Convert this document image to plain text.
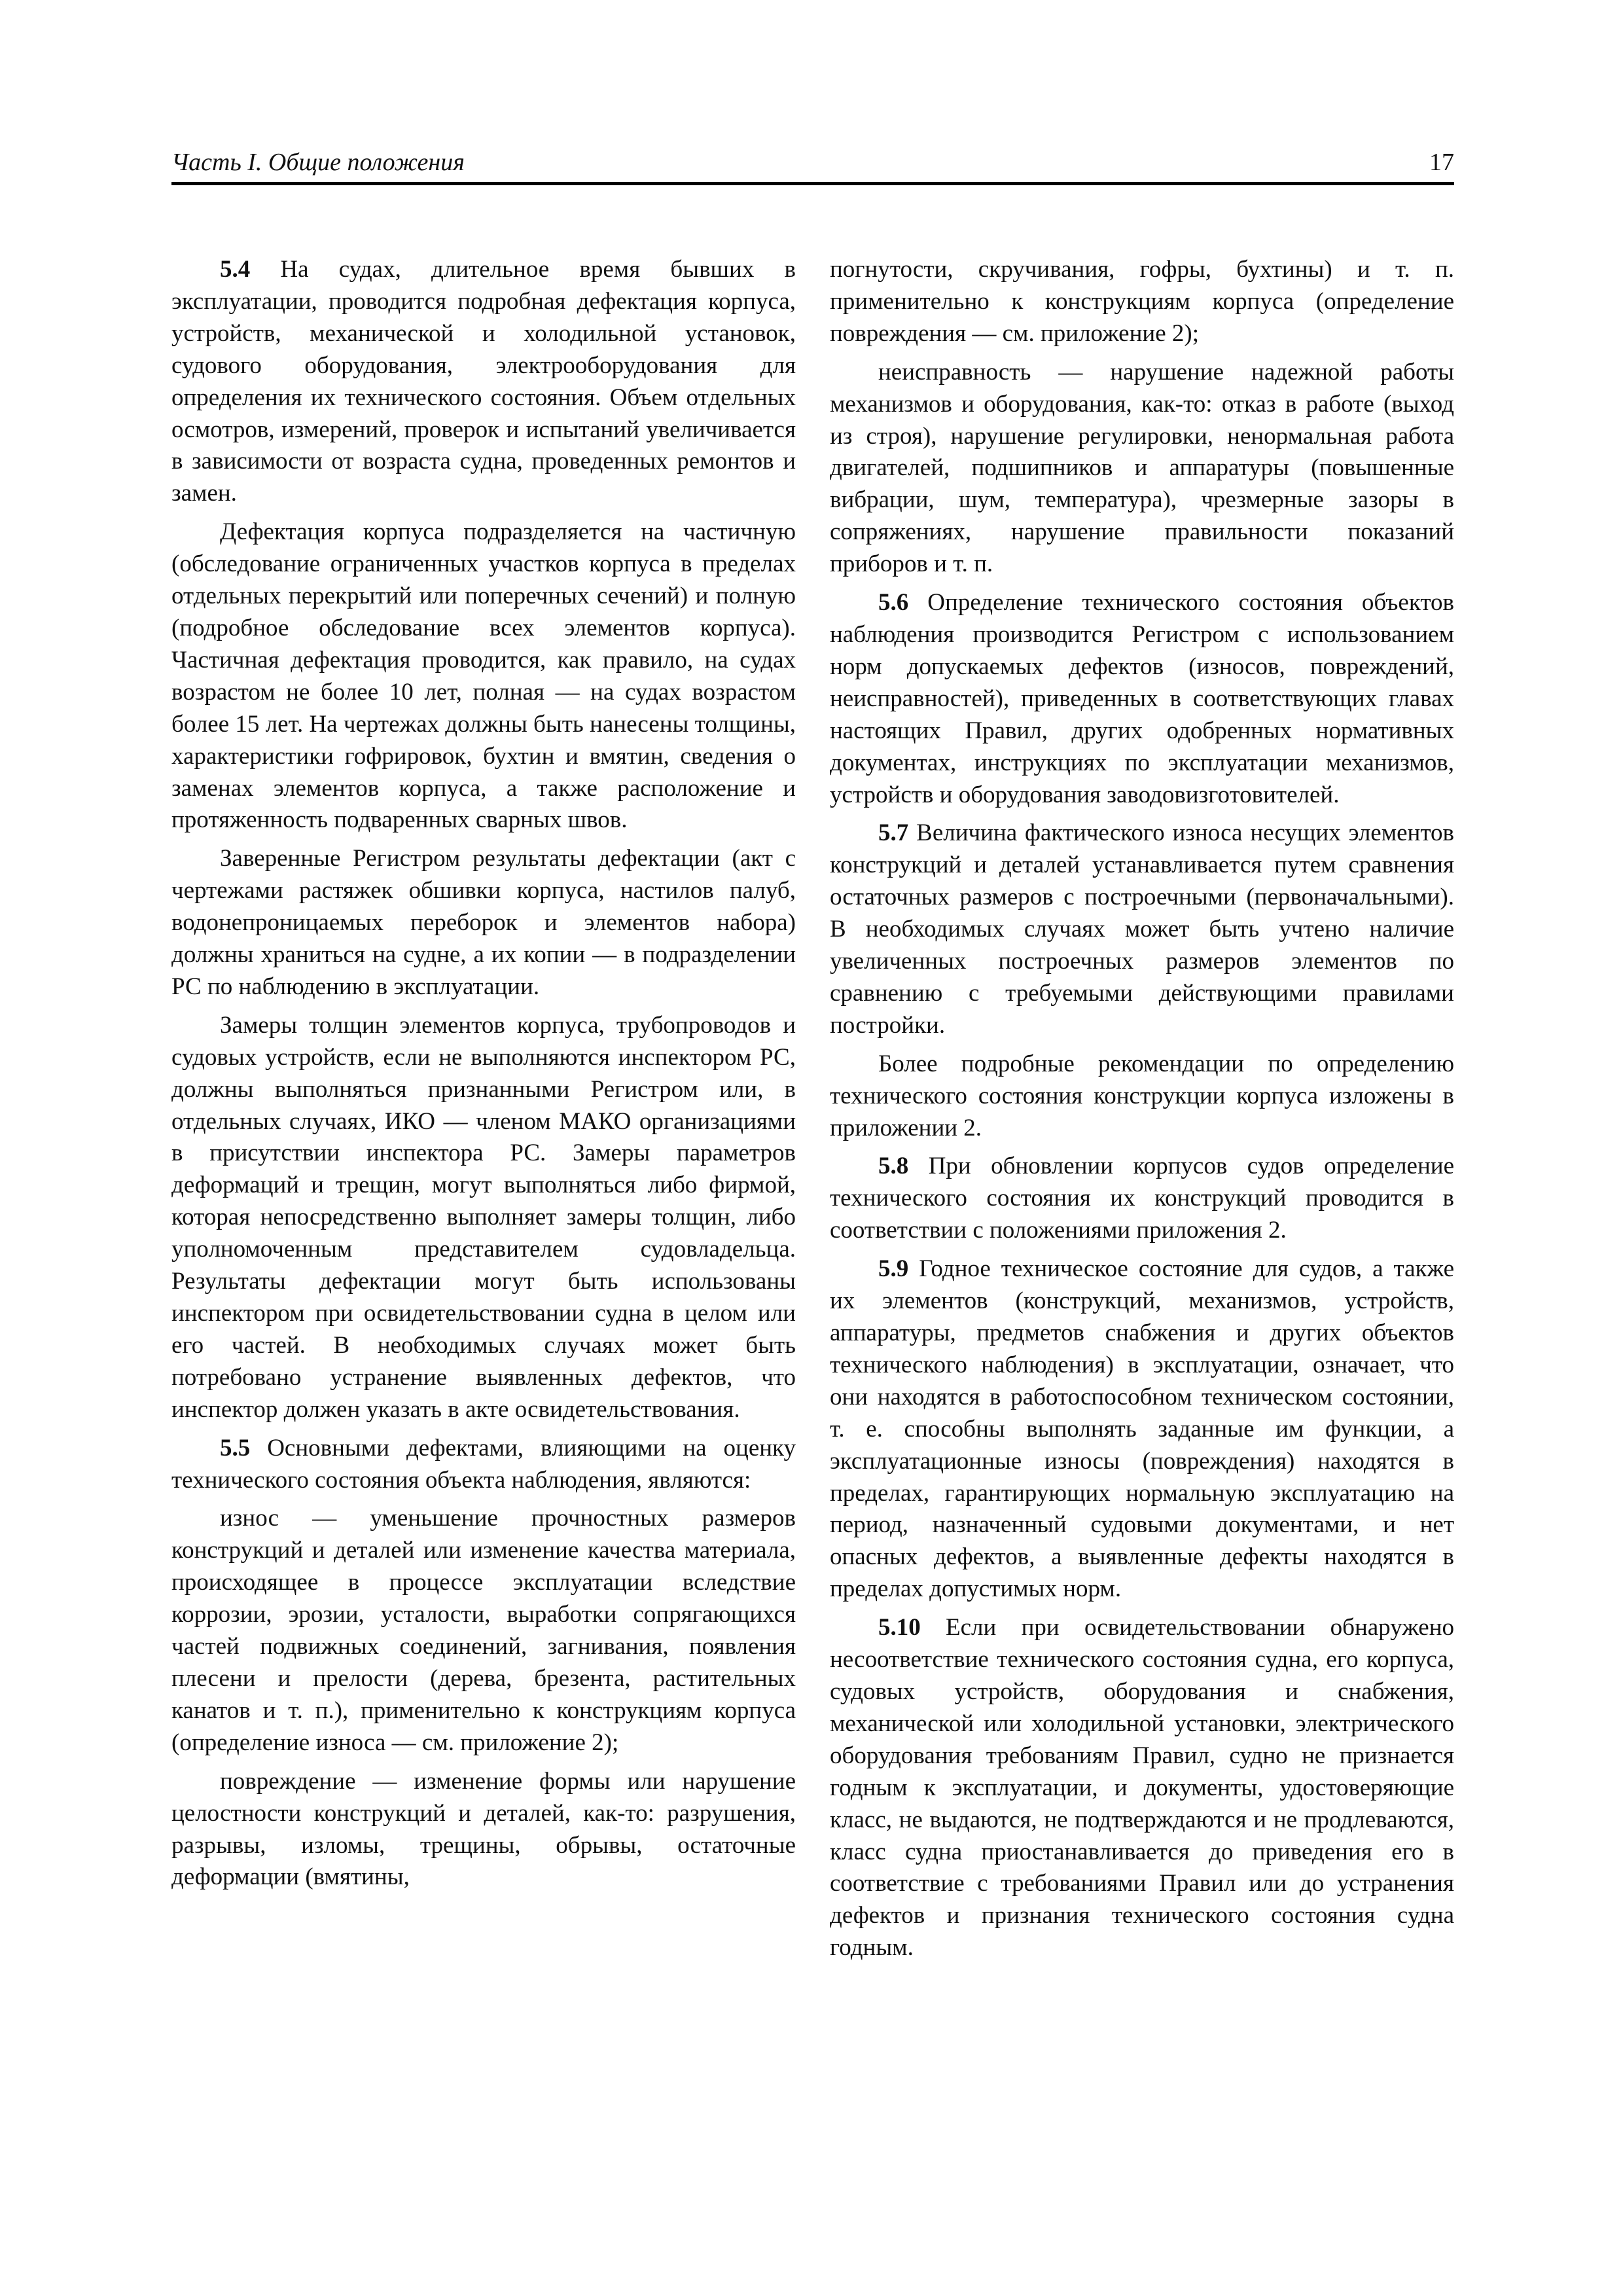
Часть I. Общие положения	17

5.4 На судах, длительное время бывших в эксплуатации, проводится подробная дефектация корпуса, устройств, механической и холодильной установок, судового оборудования, электрооборудования для определения их технического состояния. Объем отдельных осмотров, измерений, проверок и испытаний увеличивается в зависимости от возраста судна, проведенных ремонтов и замен.

Дефектация корпуса подразделяется на частичную (обследование ограниченных участков корпуса в пределах отдельных перекрытий или поперечных сечений) и полную (подробное обследование всех элементов корпуса). Частичная дефектация проводится, как правило, на судах возрастом не более 10 лет, полная — на судах возрастом более 15 лет. На чертежах должны быть нанесены толщины, характеристики гофрировок, бухтин и вмятин, сведения о заменах элементов корпуса, а также расположение и протяженность подваренных сварных швов.

Заверенные Регистром результаты дефектации (акт с чертежами растяжек обшивки корпуса, настилов палуб, водонепроницаемых переборок и элементов набора) должны храниться на судне, а их копии — в подразделении РС по наблюдению в эксплуатации.

Замеры толщин элементов корпуса, трубопроводов и судовых устройств, если не выполняются инспектором РС, должны выполняться признанными Регистром или, в отдельных случаях, ИКО — членом МАКО организациями в присутствии инспектора РС. Замеры параметров деформаций и трещин, могут выполняться либо фирмой, которая непосредственно выполняет замеры толщин, либо уполномоченным представителем судовладельца. Результаты дефектации могут быть использованы инспектором при освидетельствовании судна в целом или его частей. В необходимых случаях может быть потребовано устранение выявленных дефектов, что инспектор должен указать в акте освидетельствования.

5.5 Основными дефектами, влияющими на оценку технического состояния объекта наблюдения, являются:

износ — уменьшение прочностных размеров конструкций и деталей или изменение качества материала, происходящее в процессе эксплуатации вследствие коррозии, эрозии, усталости, выработки сопрягающихся частей подвижных соединений, загнивания, появления плесени и прелости (дерева, брезента, растительных канатов и т. п.), применительно к конструкциям корпуса (определение износа — см. приложение 2);

повреждение — изменение формы или нарушение целостности конструкций и деталей, как-то: разрушения, разрывы, изломы, трещины, обрывы, остаточные деформации (вмятины,

погнутости, скручивания, гофры, бухтины) и т. п. применительно к конструкциям корпуса (определение повреждения — см. приложение 2);

неисправность — нарушение надежной работы механизмов и оборудования, как-то: отказ в работе (выход из строя), нарушение регулировки, ненормальная работа двигателей, подшипников и аппаратуры (повышенные вибрации, шум, температура), чрезмерные зазоры в сопряжениях, нарушение правильности показаний приборов и т. п.

5.6 Определение технического состояния объектов наблюдения производится Регистром с использованием норм допускаемых дефектов (износов, повреждений, неисправностей), приведенных в соответствующих главах настоящих Правил, других одобренных нормативных документах, инструкциях по эксплуатации механизмов, устройств и оборудования заводовизготовителей.

5.7 Величина фактического износа несущих элементов конструкций и деталей устанавливается путем сравнения остаточных размеров с построечными (первоначальными). В необходимых случаях может быть учтено наличие увеличенных построечных размеров элементов по сравнению с требуемыми действующими правилами постройки.

Более подробные рекомендации по определению технического состояния конструкции корпуса изложены в приложении 2.

5.8 При обновлении корпусов судов определение технического состояния их конструкций проводится в соответствии с положениями приложения 2.

5.9 Годное техническое состояние для судов, а также их элементов (конструкций, механизмов, устройств, аппаратуры, предметов снабжения и других объектов технического наблюдения) в эксплуатации, означает, что они находятся в работоспособном техническом состоянии, т. е. способны выполнять заданные им функции, а эксплуатационные износы (повреждения) находятся в пределах, гарантирующих нормальную эксплуатацию на период, назначенный судовыми документами, и нет опасных дефектов, а выявленные дефекты находятся в пределах допустимых норм.

5.10 Если при освидетельствовании обнаружено несоответствие технического состояния судна, его корпуса, судовых устройств, оборудования и снабжения, механической или холодильной установки, электрического оборудования требованиям Правил, судно не признается годным к эксплуатации, и документы, удостоверяющие класс, не выдаются, не подтверждаются и не продлеваются, класс судна приостанавливается до приведения его в соответствие с требованиями Правил или до устранения дефектов и признания технического состояния судна годным.
